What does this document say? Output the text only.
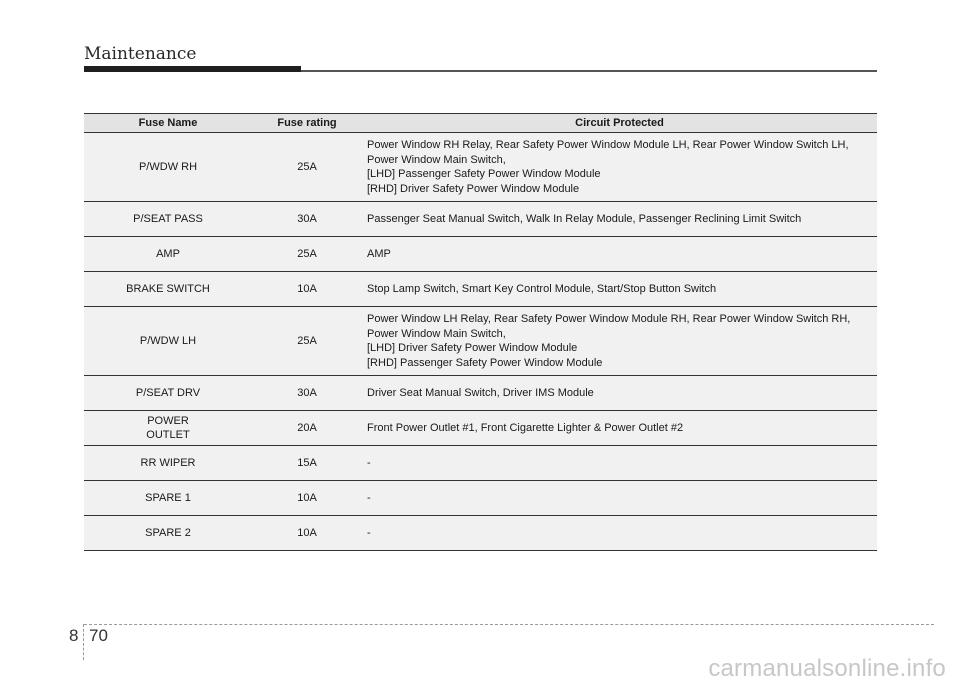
Maintenance
Fuse Name	Fuse rating	Circuit Protected
P/WDW RH	25A	Power Window RH Relay, Rear Safety Power Window Module LH, Rear Power Window Switch LH, Power Window Main Switch,
[LHD] Passenger Safety Power Window Module
[RHD] Driver Safety Power Window Module

P/SEAT PASS	30A	Passenger Seat Manual Switch, Walk In Relay Module, Passenger Reclining Limit Switch

AMP	25A	AMP

BRAKE SWITCH	10A	Stop Lamp Switch, Smart Key Control Module, Start/Stop Button Switch

P/WDW LH	25A	Power Window LH Relay, Rear Safety Power Window Module RH, Rear Power Window Switch RH, Power Window Main Switch,
[LHD] Driver Safety Power Window Module
[RHD] Passenger Safety Power Window Module

P/SEAT DRV	30A	Driver Seat Manual Switch, Driver IMS Module

POWER OUTLET	20A	Front Power Outlet #1, Front Cigarette Lighter & Power Outlet #2

RR WIPER	15A	-

SPARE 1	10A	-

SPARE 2	10A	-
8 70
carmanualsonline.info
